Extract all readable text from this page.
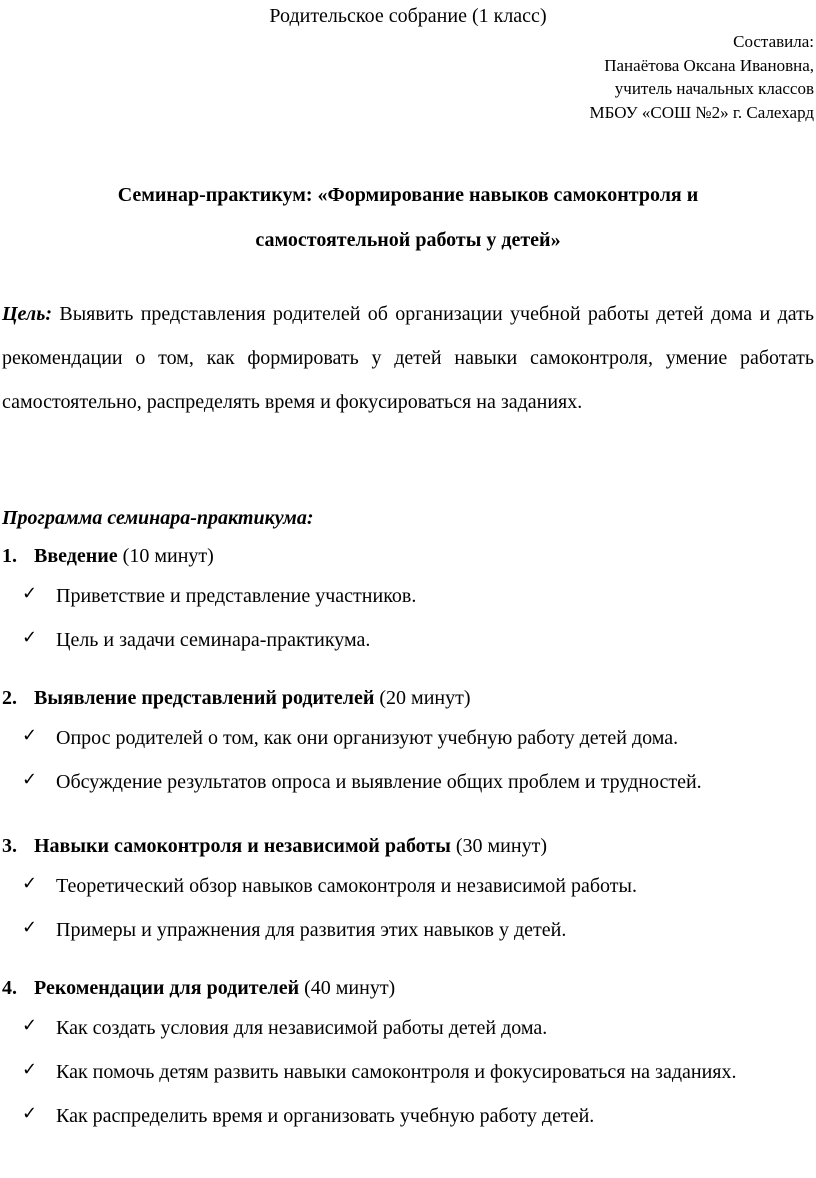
Родительское собрание (1 класс)
Составила:
Панаётова Оксана Ивановна,
учитель начальных классов
МБОУ «СОШ №2» г. Салехард
Семинар-практикум: «Формирование навыков самоконтроля и
самостоятельной работы у детей»
Цель: Выявить представления родителей об организации учебной работы детей дома и дать рекомендации о том, как формировать у детей навыки самоконтроля, умение работать самостоятельно, распределять время и фокусироваться на заданиях.
Программа семинара-практикума:
1. Введение (10 минут)
✓ Приветствие и представление участников.
✓ Цель и задачи семинара-практикума.
2. Выявление представлений родителей (20 минут)
✓ Опрос родителей о том, как они организуют учебную работу детей дома.
✓ Обсуждение результатов опроса и выявление общих проблем и трудностей.
3. Навыки самоконтроля и независимой работы (30 минут)
✓ Теоретический обзор навыков самоконтроля и независимой работы.
✓ Примеры и упражнения для развития этих навыков у детей.
4. Рекомендации для родителей (40 минут)
✓ Как создать условия для независимой работы детей дома.
✓ Как помочь детям развить навыки самоконтроля и фокусироваться на заданиях.
✓ Как распределить время и организовать учебную работу детей.
